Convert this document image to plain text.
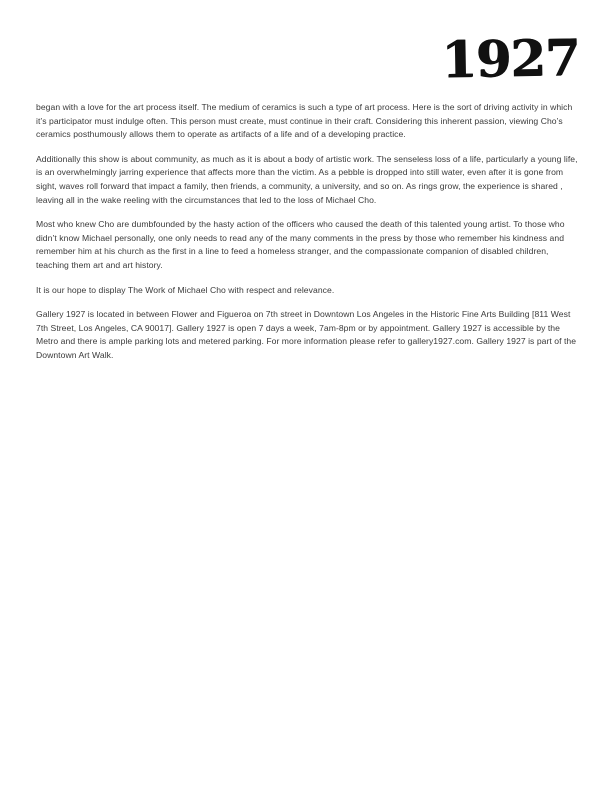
1927

began with a love for the art process itself. The medium of ceramics is such a type of art process. Here is the sort of driving activity in which it’s participator must indulge often. This person must create, must continue in their craft. Considering this inherent passion, viewing Cho’s ceramics posthumously allows them to operate as artifacts of a life and of a developing practice.

Additionally this show is about community, as much as it is about a body of artistic work. The senseless loss of a life, particularly a young life, is an overwhelmingly jarring experience that affects more than the victim. As a pebble is dropped into still water, even after it is gone from sight, waves roll forward that impact a family, then friends, a community, a university, and so on. As rings grow, the experience is shared , leaving all in the wake reeling with the circumstances that led to the loss of Michael Cho.

Most who knew Cho are dumbfounded by the hasty action of the officers who caused the death of this talented young artist. To those who didn’t know Michael personally, one only needs to read any of the many comments in the press by those who remember his kindness and remember him at his church as the first in a line to feed a homeless stranger, and the compassionate companion of disabled children, teaching them art and art history.

It is our hope to display The Work of Michael Cho with respect and relevance.

Gallery 1927 is located in between Flower and Figueroa on 7th street in Downtown Los Angeles in the Historic Fine Arts Building [811 West 7th Street, Los Angeles, CA 90017]. Gallery 1927 is open 7 days a week, 7am-8pm or by appointment. Gallery 1927 is accessible by the Metro and there is ample parking lots and metered parking. For more information please refer to gallery1927.com. Gallery 1927 is part of the Downtown Art Walk.
